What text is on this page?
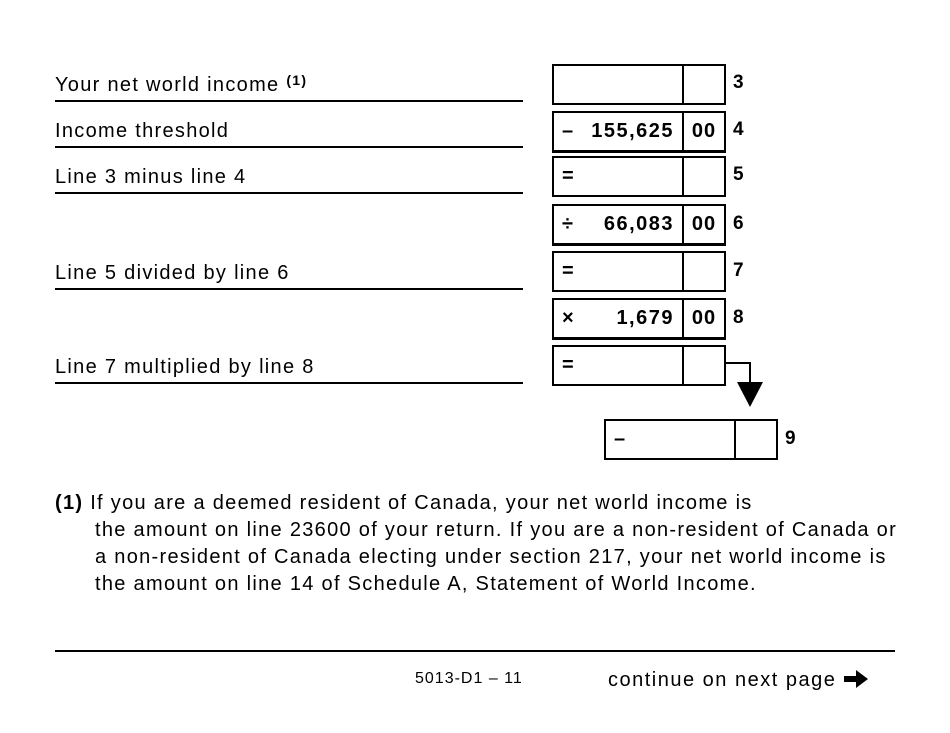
Your net world income $^{(1)}$
Income threshold
Line 3 minus line 4
Line 5 divided by line 6
Line 7 multiplied by line 8
– 155,625 00
=
÷ 66,083 00
=
× 1,679 00
=
3
4
5
6
7
8
–	9
(1) If you are a deemed resident of Canada, your net world income is
the amount on line 23600 of your return. If you are a non-resident of Canada or a non-resident of Canada electing under section 217, your net world income is the amount on line 14 of Schedule A, Statement of World Income.
5013-D1 – 11	continue on next page
